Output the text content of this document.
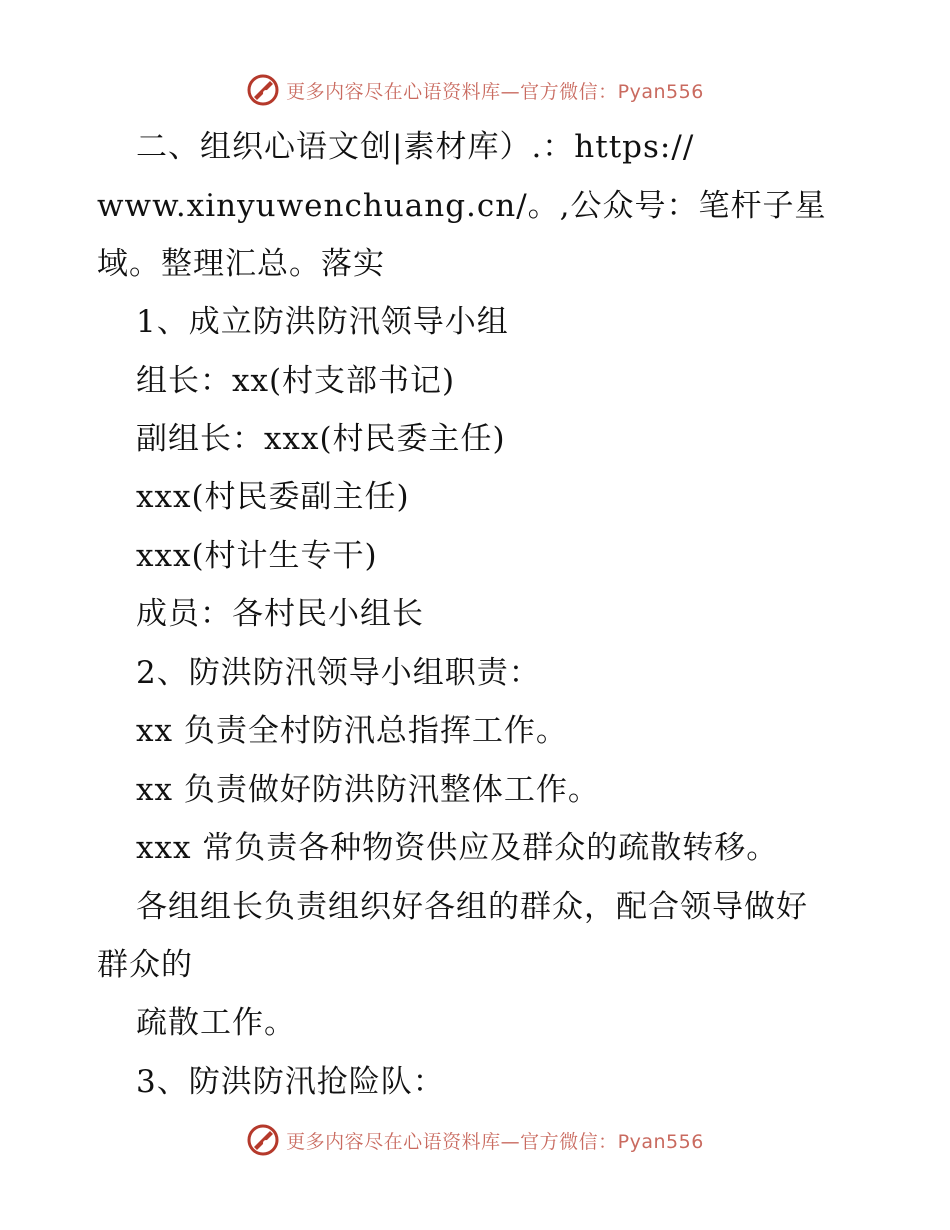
更多内容尽在心语资料库—官方微信：Pyan556
二、组织心语文创|素材库）.：https://
www.xinyuwenchuang.cn/。,公众号：笔杆子星
域。整理汇总。落实
1、成立防洪防汛领导小组
组长：xx(村支部书记)
副组长：xxx(村民委主任)
xxx(村民委副主任)
xxx(村计生专干)
成员：各村民小组长
2、防洪防汛领导小组职责：
xx 负责全村防汛总指挥工作。
xx 负责做好防洪防汛整体工作。
xxx 常负责各种物资供应及群众的疏散转移。
各组组长负责组织好各组的群众，配合领导做好
群众的
疏散工作。
3、防洪防汛抢险队：
更多内容尽在心语资料库—官方微信：Pyan556
